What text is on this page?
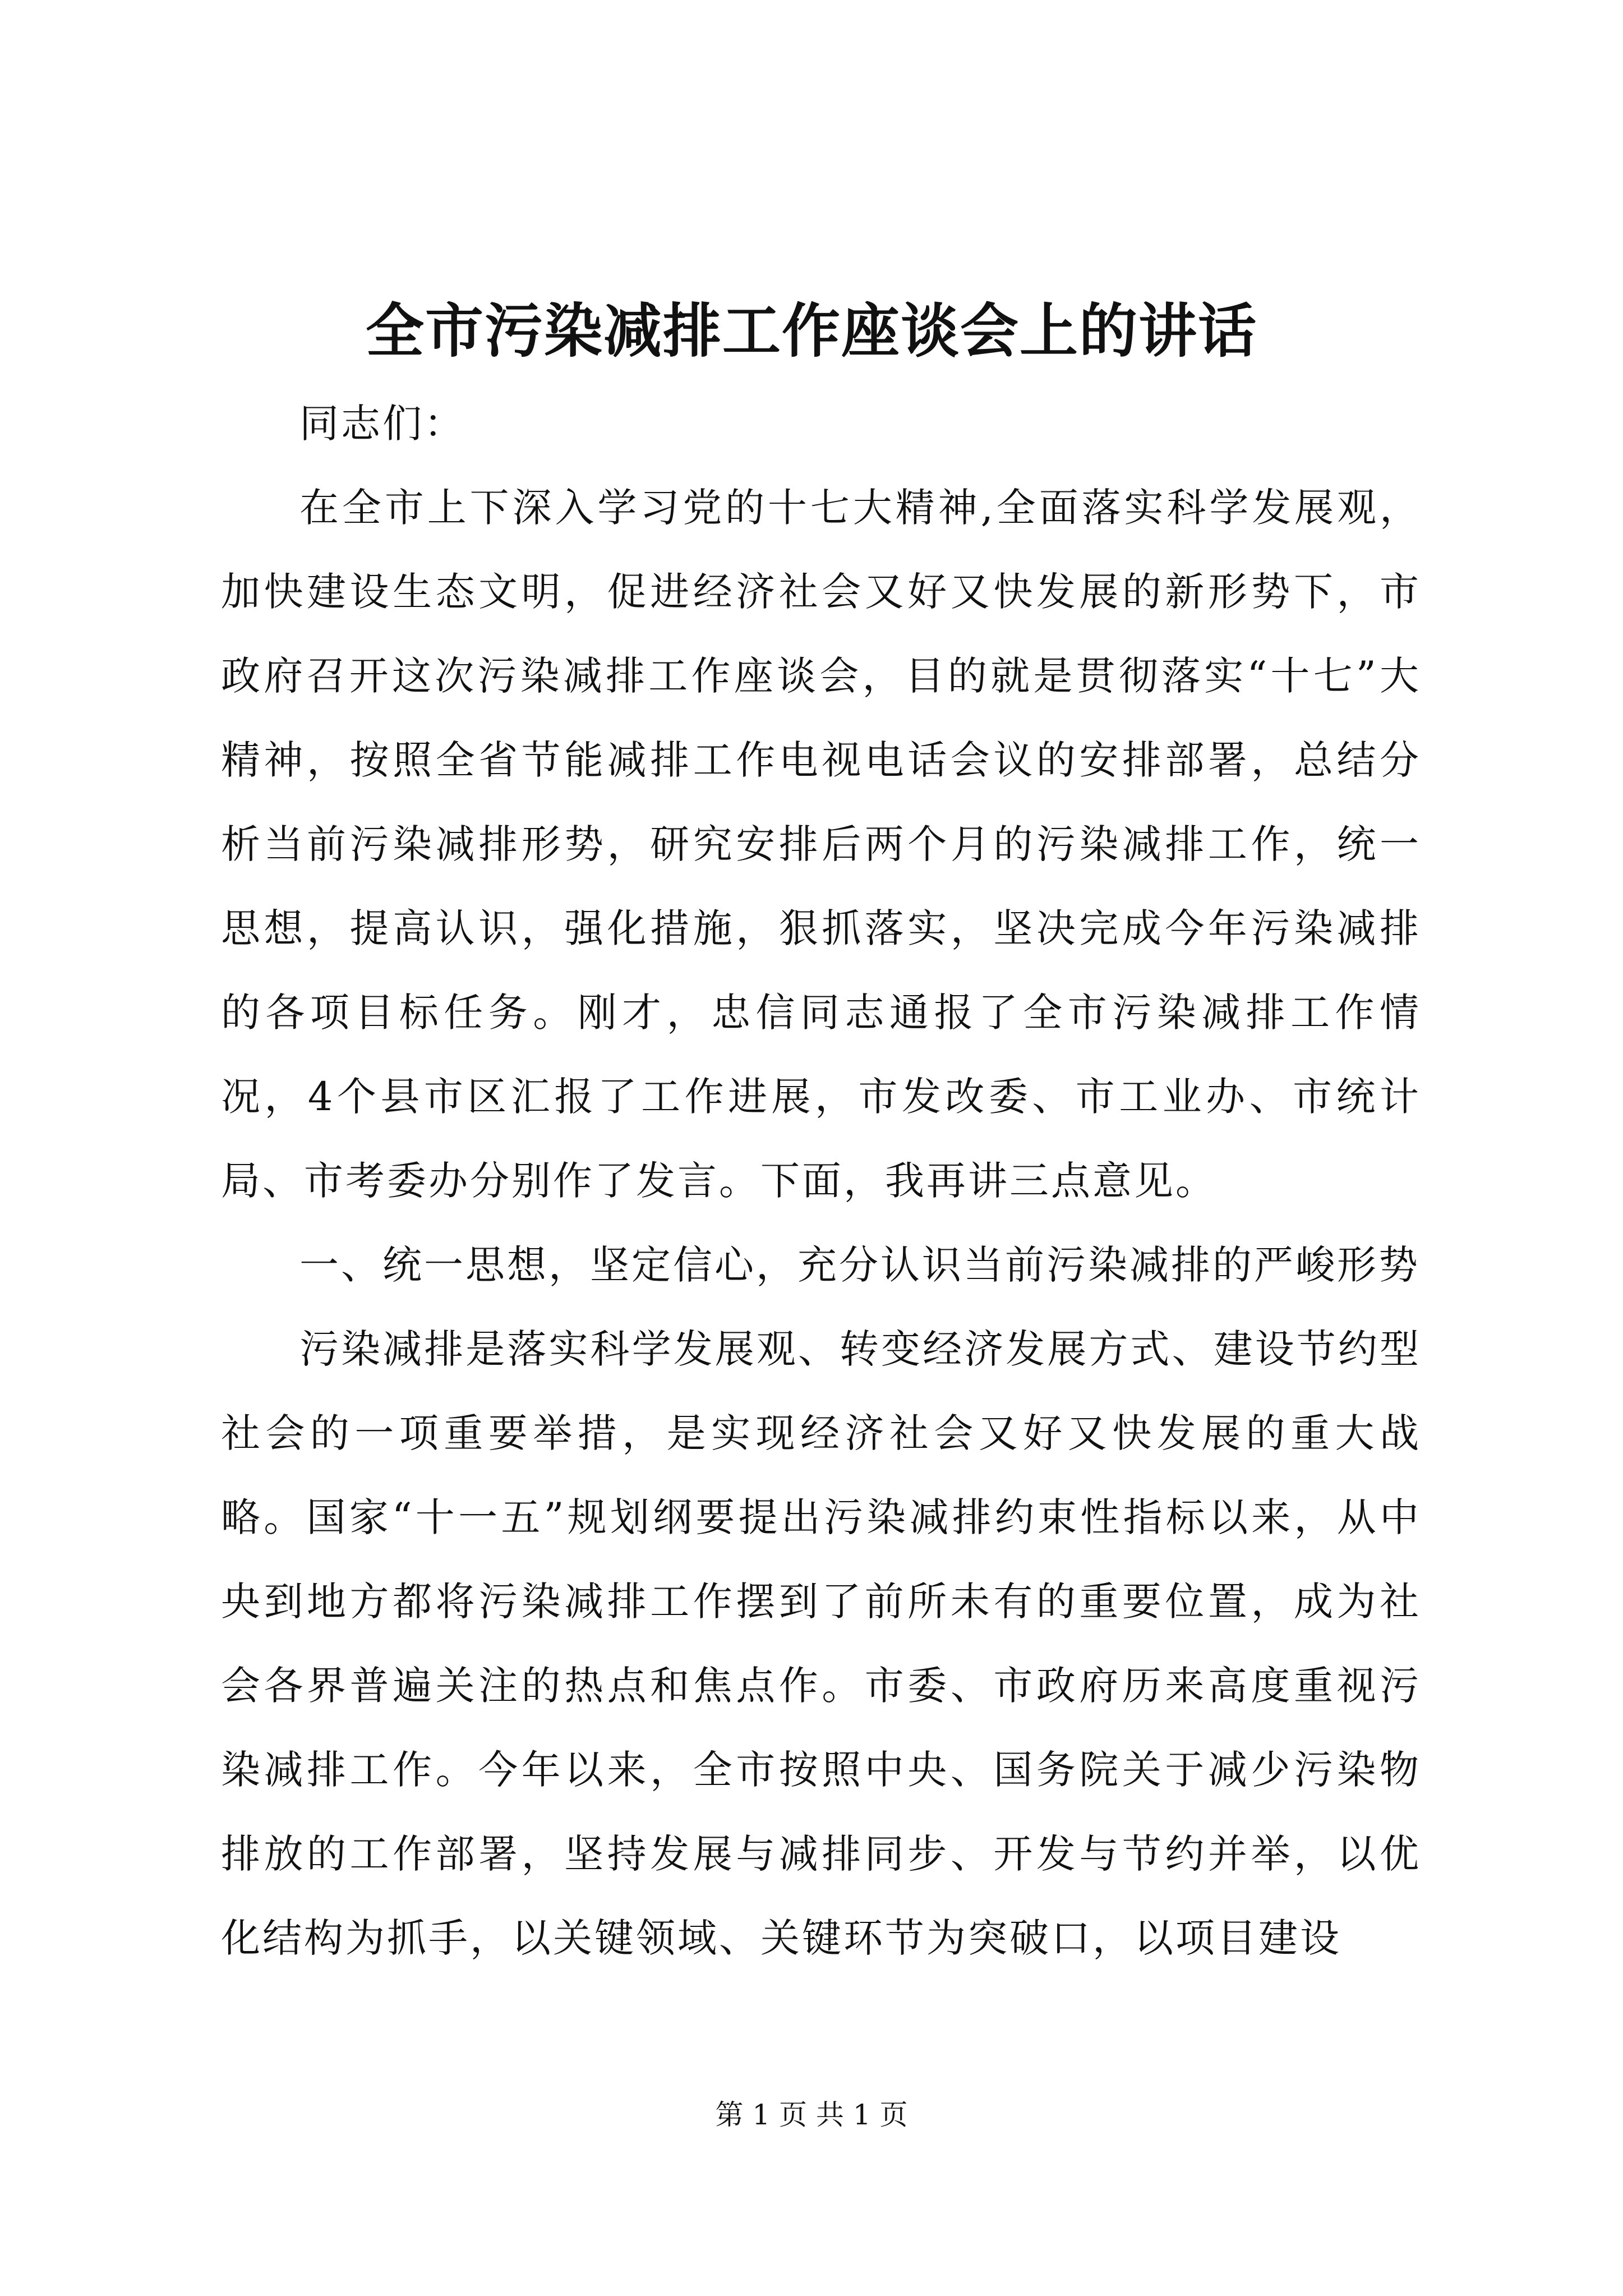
全市污染减排工作座谈会上的讲话

同志们：

在全市上下深入学习党的十七大精神,全面落实科学发展观，加快建设生态文明，促进经济社会又好又快发展的新形势下，市政府召开这次污染减排工作座谈会，目的就是贯彻落实“十七”大精神，按照全省节能减排工作电视电话会议的安排部署，总结分析当前污染减排形势，研究安排后两个月的污染减排工作，统一思想，提高认识，强化措施，狠抓落实，坚决完成今年污染减排的各项目标任务。刚才，忠信同志通报了全市污染减排工作情况，4个县市区汇报了工作进展，市发改委、市工业办、市统计局、市考委办分别作了发言。下面，我再讲三点意见。

一、统一思想，坚定信心，充分认识当前污染减排的严峻形势

污染减排是落实科学发展观、转变经济发展方式、建设节约型社会的一项重要举措，是实现经济社会又好又快发展的重大战略。国家“十一五”规划纲要提出污染减排约束性指标以来，从中央到地方都将污染减排工作摆到了前所未有的重要位置，成为社会各界普遍关注的热点和焦点作。市委、市政府历来高度重视污染减排工作。今年以来，全市按照中央、国务院关于减少污染物排放的工作部署，坚持发展与减排同步、开发与节约并举，以优化结构为抓手，以关键领域、关键环节为突破口，以项目建设

第 1 页 共 1 页
